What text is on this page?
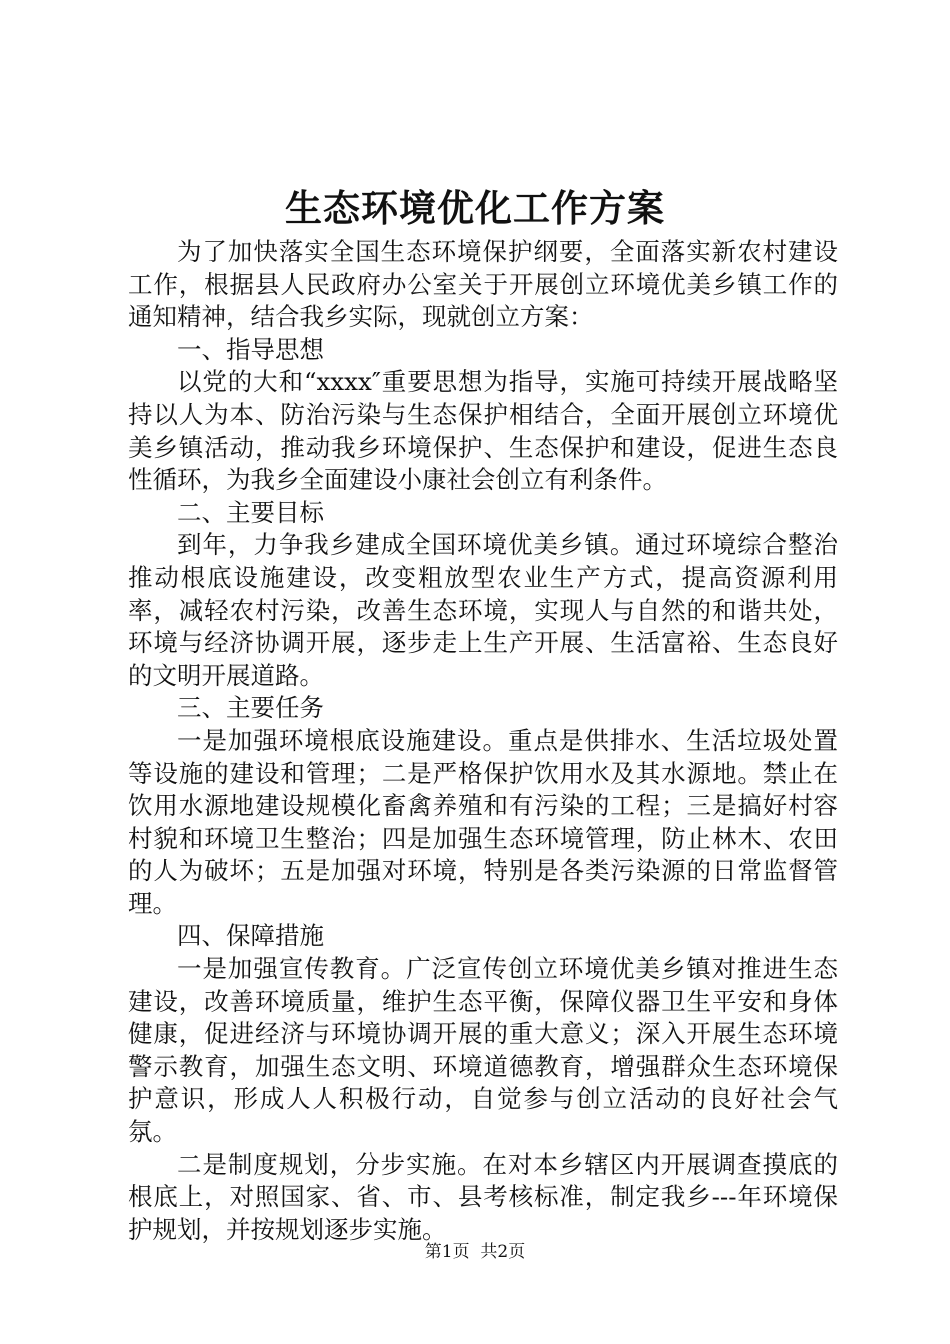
生态环境优化工作方案

为了加快落实全国生态环境保护纲要，全面落实新农村建设工作，根据县人民政府办公室关于开展创立环境优美乡镇工作的通知精神，结合我乡实际，现就创立方案：

一、指导思想

以党的大和“xxxx″重要思想为指导，实施可持续开展战略坚持以人为本、防治污染与生态保护相结合，全面开展创立环境优美乡镇活动，推动我乡环境保护、生态保护和建设，促进生态良性循环，为我乡全面建设小康社会创立有利条件。

二、主要目标

到年，力争我乡建成全国环境优美乡镇。通过环境综合整治推动根底设施建设，改变粗放型农业生产方式，提高资源利用率，减轻农村污染，改善生态环境，实现人与自然的和谐共处，环境与经济协调开展，逐步走上生产开展、生活富裕、生态良好的文明开展道路。

三、主要任务

一是加强环境根底设施建设。重点是供排水、生活垃圾处置等设施的建设和管理；二是严格保护饮用水及其水源地。禁止在饮用水源地建设规模化畜禽养殖和有污染的工程；三是搞好村容村貌和环境卫生整治；四是加强生态环境管理，防止林木、农田的人为破坏；五是加强对环境，特别是各类污染源的日常监督管理。

四、保障措施

一是加强宣传教育。广泛宣传创立环境优美乡镇对推进生态建设，改善环境质量，维护生态平衡，保障仪器卫生平安和身体健康，促进经济与环境协调开展的重大意义；深入开展生态环境警示教育，加强生态文明、环境道德教育，增强群众生态环境保护意识，形成人人积极行动，自觉参与创立活动的良好社会气氛。

二是制度规划，分步实施。在对本乡辖区内开展调查摸底的根底上，对照国家、省、市、县考核标准，制定我乡---年环境保护规划，并按规划逐步实施。

第1页 共2页
